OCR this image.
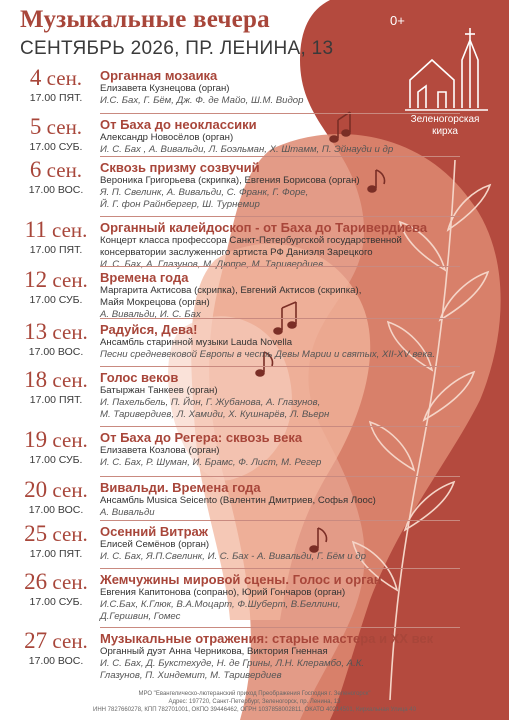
Музыкальные вечера
СЕНТЯБРЬ 2026, ПР. ЛЕНИНА, 13
0+
Зеленогорская кирха
4 сен.
17.00 ПЯТ.
Органная мозаика
Елизавета Кузнецова (орган)
И.С. Бах, Г. Бём, Дж. Ф. де Майо, Ш.М. Видор
5 сен.
17.00 СУБ.
От Баха до неоклассики
Александр Новосёлов (орган)
И. С. Бах , А. Вивальди, Л. Боэльман, Х. Штамм, П. Эйнауди и др
6 сен.
17.00 ВОС.
Сквозь призму созвучий
Вероника Григорьева (скрипка), Евгения Борисова (орган)
Я. П. Свелинк, А. Вивальди, С. Франк, Г. Форе,
Й. Г. фон Райнбергер, Ш. Турнемир
11 сен.
17.00 ПЯТ.
Органный калейдоскоп - от Баха до Таривердиева
Концерт класса профессора Санкт-Петербургской государственной
консерватории заслуженного артиста РФ Даниэля Зарецкого
И. С. Бах, А. Глазунов, М. Дюпре, М. Таривердиев
12 сен.
17.00 СУБ.
Времена года
Маргарита Актисова (скрипка), Евгений Актисов (скрипка),
Майя Мокрецова (орган)
А. Вивальди, И. С. Бах
13 сен.
17.00 ВОС.
Радуйся, Дева!
Ансамбль старинной музыки Lauda Novella
Песни средневековой Европы в честь Девы Марии и святых, XII-XV века.
18 сен.
17.00 ПЯТ.
Голос веков
Батыржан Танкеев (орган)
И. Пахельбель, П. Йон, Г. Жубанова, А. Глазунов,
М. Таривердиев, Л. Хамиди, Х. Кушнарёв, Л. Вьерн
19 сен.
17.00 СУБ.
От Баха до Регера: сквозь века
Елизавета Козлова (орган)
И. С. Бах, Р. Шуман, И. Брамс, Ф. Лист, М. Регер
20 сен.
17.00 ВОС.
Вивальди. Времена года
Ансамбль Musica Seicento (Валентин Дмитриев, Софья Лоос)
А. Вивальди
25 сен.
17.00 ПЯТ.
Осенний Витраж
Елисей Семёнов (орган)
И. С. Бах, Я.П.Свелинк, И. С. Бах - А. Вивальди, Г. Бём и др
26 сен.
17.00 СУБ.
Жемчужины мировой сцены. Голос и орган
Евгения Капитонова (сопрано), Юрий Гончаров (орган)
И.С.Бах, К.Глюк, В.А.Моцарт, Ф.Шуберт, В.Беллини,
Д.Гершвин, Гомес
27 сен.
17.00 ВОС.
Музыкальные отражения: старые мастера и XX век
Органный дуэт Анна Черникова, Виктория Гненная
И. С. Бах, Д. Букстехуде, Н. де Грины, Л.Н. Клерамбо, А.К.
Глазунов, П. Хиндемит, М. Таривердиев
МРО "Евангелическо-лютеранский приход Преображения Господня г. Зеленогорск"
Адрес: 197720, Санкт-Петербург, Зеленогорск, пр. Ленина, 13
ИНН 7827660278, КПП 782701001, ОКПО 39446462, ОГРН 1037858002811, ОКАТО 40214501, Кирхальная Улица 40
